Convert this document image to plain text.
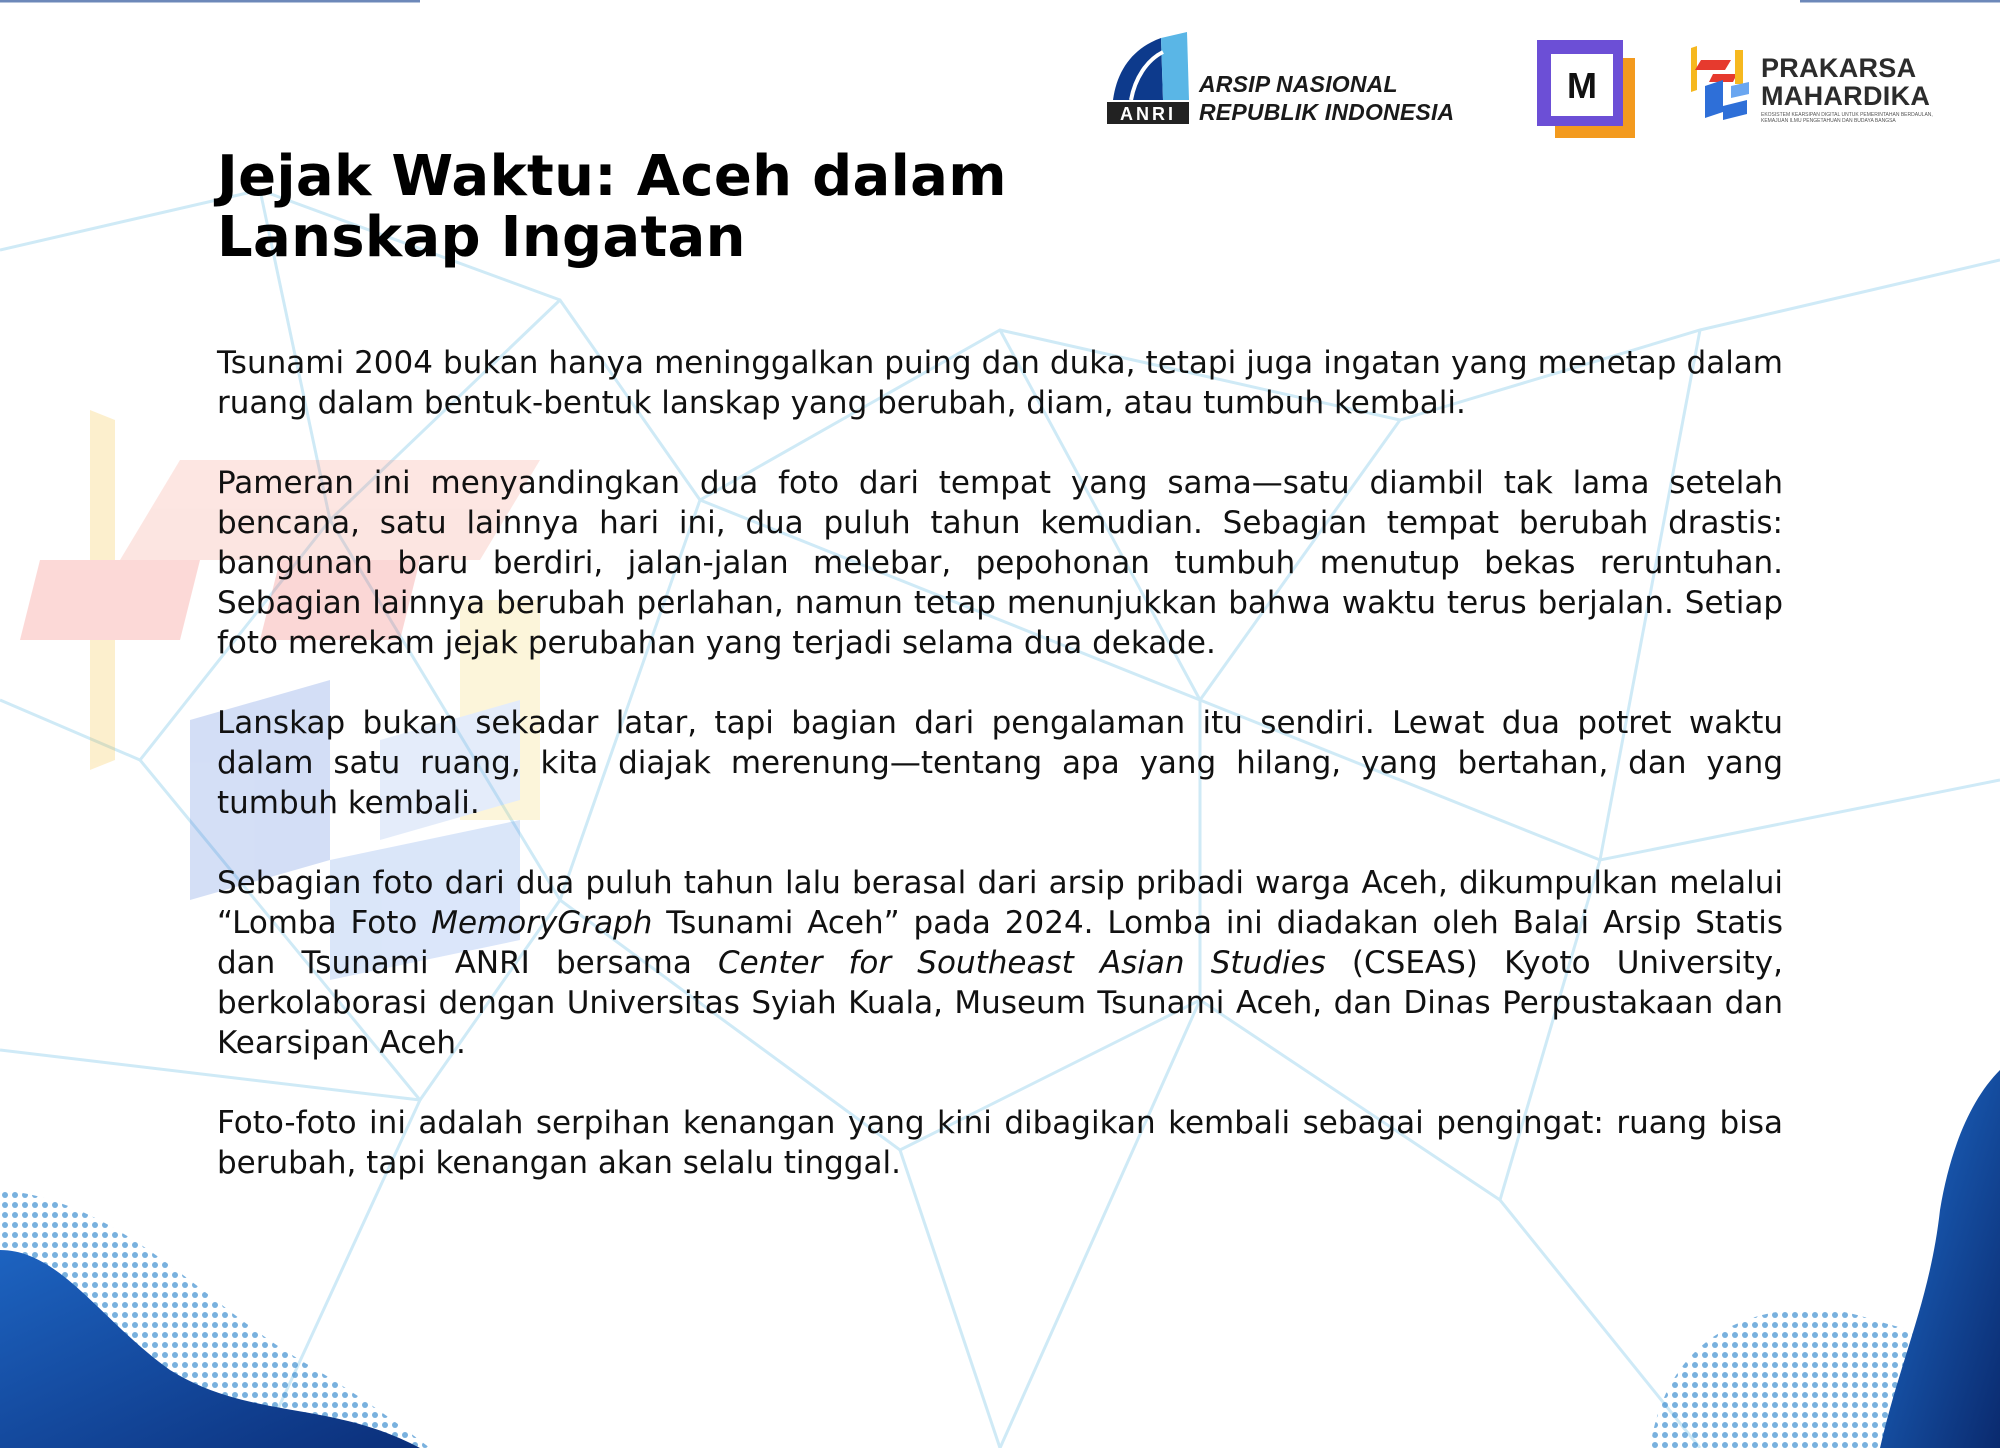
ANRI
ARSIP NASIONAL
REPUBLIK INDONESIA
M	PRAKARSA
MAHARDIKA
EKOSISTEM KEARSIPAN DIGITAL UNTUK PEMERINTAHAN BERDAULAN, KEMAJUAN ILMU PENGETAHUAN DAN BUDAYA BANGSA
Jejak Waktu: Aceh dalam
Lanskap Ingatan

Tsunami 2004 bukan hanya meninggalkan puing dan duka, tetapi juga ingatan yang menetap dalam ruang dalam bentuk-bentuk lanskap yang berubah, diam, atau tumbuh kembali.

Pameran ini menyandingkan dua foto dari tempat yang sama—satu diambil tak lama setelah bencana, satu lainnya hari ini, dua puluh tahun kemudian. Sebagian tempat berubah drastis: bangunan baru berdiri, jalan-jalan melebar, pepohonan tumbuh menutup bekas reruntuhan. Sebagian lainnya berubah perlahan, namun tetap menunjukkan bahwa waktu terus berjalan. Setiap foto merekam jejak perubahan yang terjadi selama dua dekade.

Lanskap bukan sekadar latar, tapi bagian dari pengalaman itu sendiri. Lewat dua potret waktu dalam satu ruang, kita diajak merenung—tentang apa yang hilang, yang bertahan, dan yang tumbuh kembali.

Sebagian foto dari dua puluh tahun lalu berasal dari arsip pribadi warga Aceh, dikumpulkan melalui “Lomba Foto MemoryGraph Tsunami Aceh” pada 2024. Lomba ini diadakan oleh Balai Arsip Statis dan Tsunami ANRI bersama Center for Southeast Asian Studies (CSEAS) Kyoto University, berkolaborasi dengan Universitas Syiah Kuala, Museum Tsunami Aceh, dan Dinas Perpustakaan dan Kearsipan Aceh.

Foto-foto ini adalah serpihan kenangan yang kini dibagikan kembali sebagai pengingat: ruang bisa berubah, tapi kenangan akan selalu tinggal.
